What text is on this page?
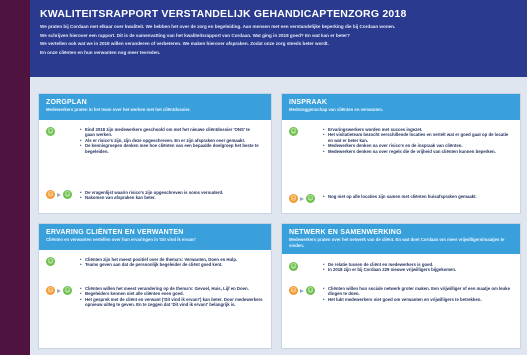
KWALITEITSRAPPORT VERSTANDELIJK GEHANDICAPTENZORG 2018

We praten bij Cordaan met elkaar over kwaliteit. We hebben het over de zorg en begeleiding. Aan mensen met een verstandelijke beperking die bij Cordaan wonen.

We schrijven hierover een rapport. Dit is de samenvatting van het kwaliteitsrapport van Cordaan. Wat ging in 2018 goed? En wat kan er beter?

We vertellen ook wat we in 2019 willen veranderen of verbeteren. We maken hierover afspraken. Zodat onze zorg steeds beter wordt.

En onze cliënten en hun verwanten nog meer tevreden.

ZORGPLAN

Medewerkers praten in het team over het werken met het cliëntdossier.

☺	• Eind 2018 zijn medewerkers geschoold om met het nieuwe cliëntdossier 'ONS' te gaan werken.
• Als er risico's zijn, zijn deze opgeschreven. En er zijn afspraken over gemaakt.
• De kennisgroepen denken mee hoe cliënten van een bepaalde doelgroep het beste te begeleiden.
☹ ☺	• De vragenlijst waarin risico's zijn opgeschreven is soms verouderd.
• Nakomen van afspraken kan beter.
INSPRAAK

Medezeggenschap van cliënten en verwanten.

☺	• Ervaringswerkers worden met succes ingezet.
• Het visitatieteam bezocht verschillende locaties en vertelt wat er goed gaat op de locatie en wat er beter kan.
• Medewerkers denken na over risico's en de inspraak van cliënten.
• Medewerkers denken na over regels die de vrijheid van cliënten kunnen beperken.
☹ ☺	• Nog niet op alle locaties zijn samen met cliënten huisafspraken gemaakt.
ERVARING CLIËNTEN EN VERWANTEN

Cliënten en verwanten vertellen over hun ervaringen in 'Dit vind ik ervan!'

☺	• Cliënten zijn het meest positief over de thema's: Verwanten, Doen en Hulp.
• Teams geven aan dat de persoonlijk begeleider de cliënt goed kent.
☹ ☺	• Cliënten willen het meest verandering op de thema's: Gevoel, Huis, Lijf en Doen.
• Begeleiders kennen niet alle cliënten even goed.
• Het gesprek met de cliënt en verwant ('Dit vind ik ervan!') kan beter. Door medewerkers opnieuw uitleg te geven. En te zeggen dat 'Dit vind ik ervan!' belangrijk is.
NETWERK EN SAMENWERKING

Medewerkers praten over het netwerk van de cliënt. En wat doet Cordaan om meer vrijwilligers/maatjes te vinden.

☺	• De relatie tussen de cliënt en medewerkers is goed.
• In 2018 zijn er bij Cordaan 229 nieuwe vrijwilligers bijgekomen.
☹ ☺	• Cliënten willen hun sociale netwerk groter maken. Een vrijwilliger of een maatje om leuke dingen te doen.
• Het lukt medewerkers niet goed om verwanten en vrijwilligers te betrekken.
